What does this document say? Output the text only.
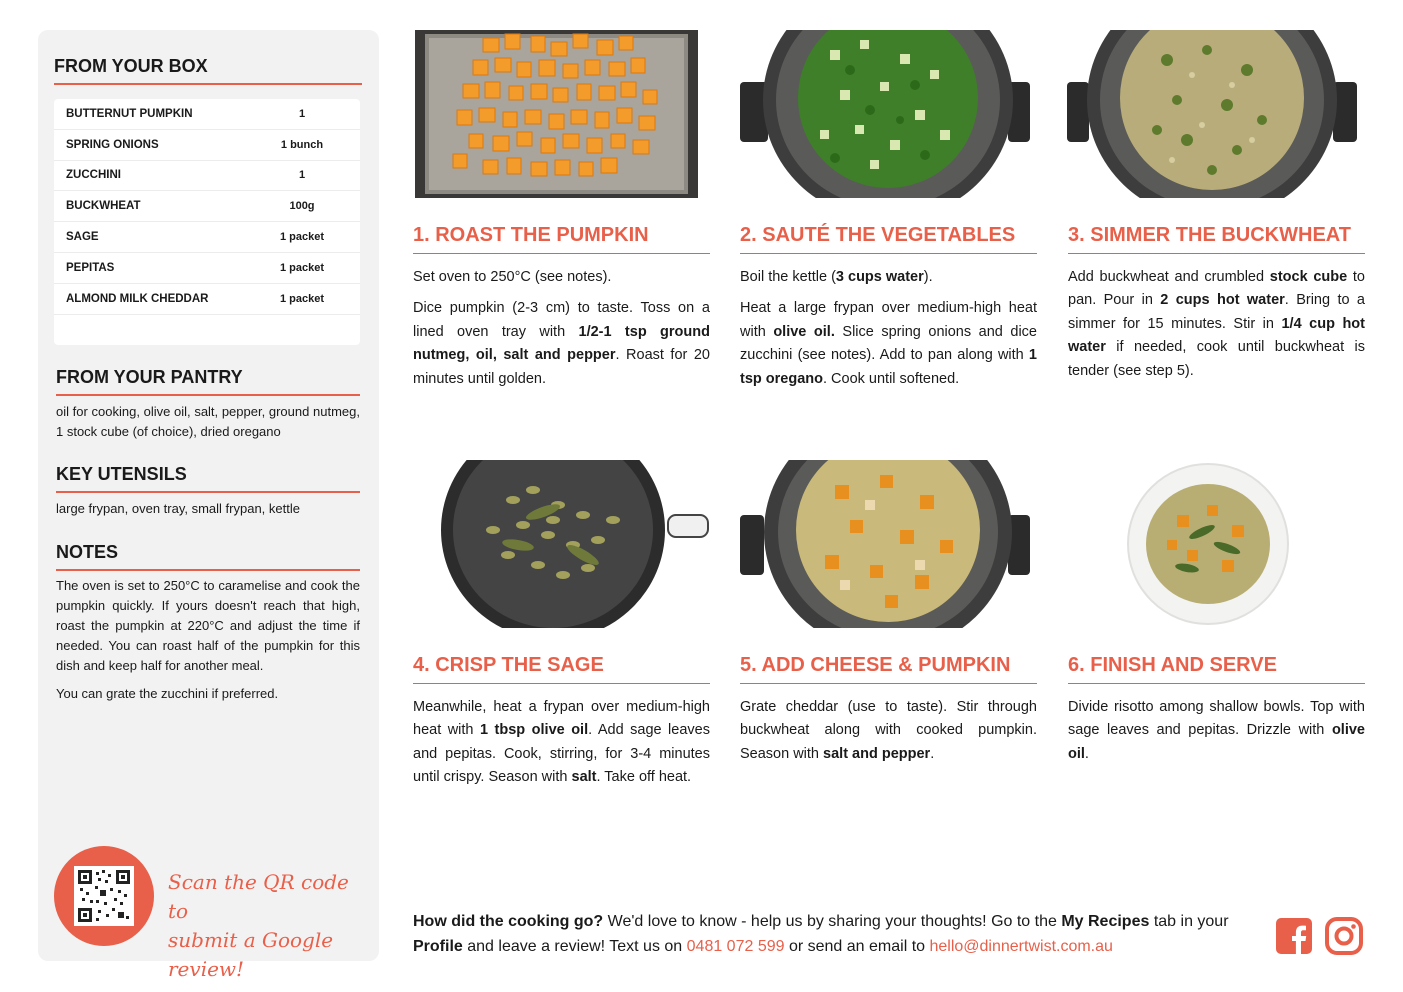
FROM YOUR BOX
BUTTERNUT PUMPKIN	1
SPRING ONIONS	1 bunch
ZUCCHINI	1
BUCKWHEAT	100g
SAGE	1 packet
PEPITAS	1 packet
ALMOND MILK CHEDDAR	1 packet
FROM YOUR PANTRY
oil for cooking, olive oil, salt, pepper, ground nutmeg, 1 stock cube (of choice), dried oregano
KEY UTENSILS
large frypan, oven tray, small frypan, kettle
NOTES

The oven is set to 250°C to caramelise and cook the pumpkin quickly. If yours doesn't reach that high, roast the pumpkin at 220°C and adjust the time if needed. You can roast half of the pumpkin for this dish and keep half for another meal.

You can grate the zucchini if preferred.

Scan the QR code to
submit a Google review!
1. ROAST THE PUMPKIN	2. SAUTÉ THE VEGETABLES	3. SIMMER THE BUCKWHEAT
4. CRISP THE SAGE	5. ADD CHEESE & PUMPKIN	6. FINISH AND SERVE

Set oven to 250°C (see notes).

Dice pumpkin (2-3 cm) to taste. Toss on a lined oven tray with 1/2-1 tsp ground nutmeg, oil, salt and pepper. Roast for 20 minutes until golden.

Boil the kettle (3 cups water).

Heat a large frypan over medium-high heat with olive oil. Slice spring onions and dice zucchini (see notes). Add to pan along with 1 tsp oregano. Cook until softened.

Add buckwheat and crumbled stock cube to pan. Pour in 2 cups hot water. Bring to a simmer for 15 minutes. Stir in 1/4 cup hot water if needed, cook until buckwheat is tender (see step 5).

Meanwhile, heat a frypan over medium-high heat with 1 tbsp olive oil. Add sage leaves and pepitas. Cook, stirring, for 3-4 minutes until crispy. Season with salt. Take off heat.

Grate cheddar (use to taste). Stir through buckwheat along with cooked pumpkin. Season with salt and pepper.

Divide risotto among shallow bowls. Top with sage leaves and pepitas. Drizzle with olive oil.

How did the cooking go? We'd love to know - help us by sharing your thoughts! Go to the My Recipes tab in your Profile and leave a review! Text us on 0481 072 599 or send an email to hello@dinnertwist.com.au
